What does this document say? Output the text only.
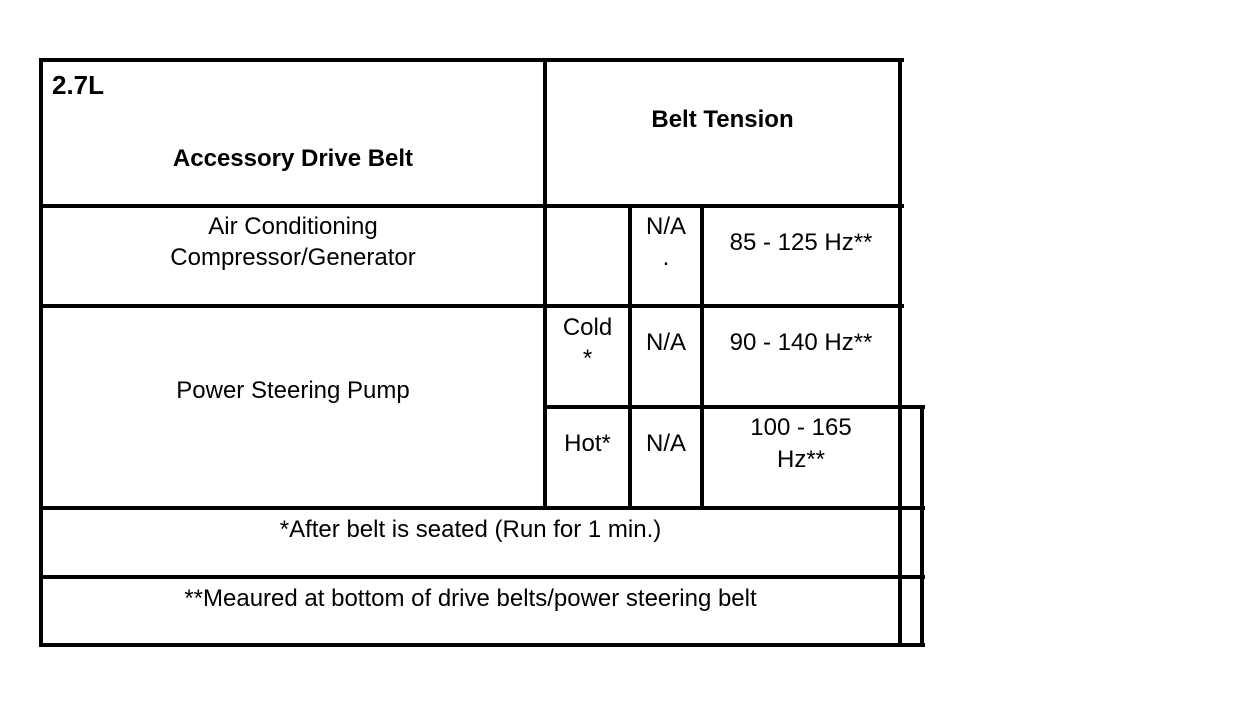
2.7L
Accessory Drive Belt
Belt Tension
Air Conditioning
Compressor/Generator
N/A
.
85 - 125 Hz**
Power Steering Pump
Cold
*
N/A	90 - 140 Hz**
Hot*	N/A
100 - 165
Hz**
*After belt is seated (Run for 1 min.)
**Meaured at bottom of drive belts/power steering belt
